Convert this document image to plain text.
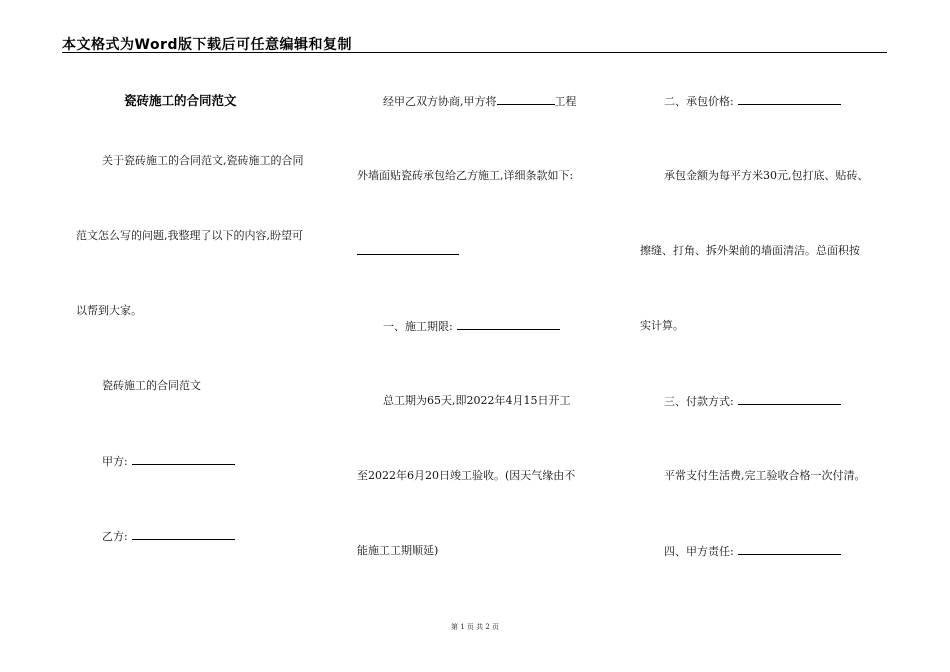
本文格式为Word版下载后可任意编辑和复制
瓷砖施工的合同范文
关于瓷砖施工的合同范文,瓷砖施工的合同
范文怎么写的问题,我整理了以下的内容,盼望可
以帮到大家。
瓷砖施工的合同范文
甲方:
乙方:
经甲乙双方协商,甲方将	工程
外墙面贴瓷砖承包给乙方施工,详细条款如下:
一、施工期限:
总工期为65天,即2022年4月15日开工
至2022年6月20日竣工验收。(因天气缘由不
能施工工期顺延)
二、承包价格:
承包金额为每平方米30元,包打底、贴砖、
擦缝、打角、拆外架前的墙面清洁。总面积按
实计算。
三、付款方式:
平常支付生活费,完工验收合格一次付清。
四、甲方责任:
第 1 页 共 2 页
